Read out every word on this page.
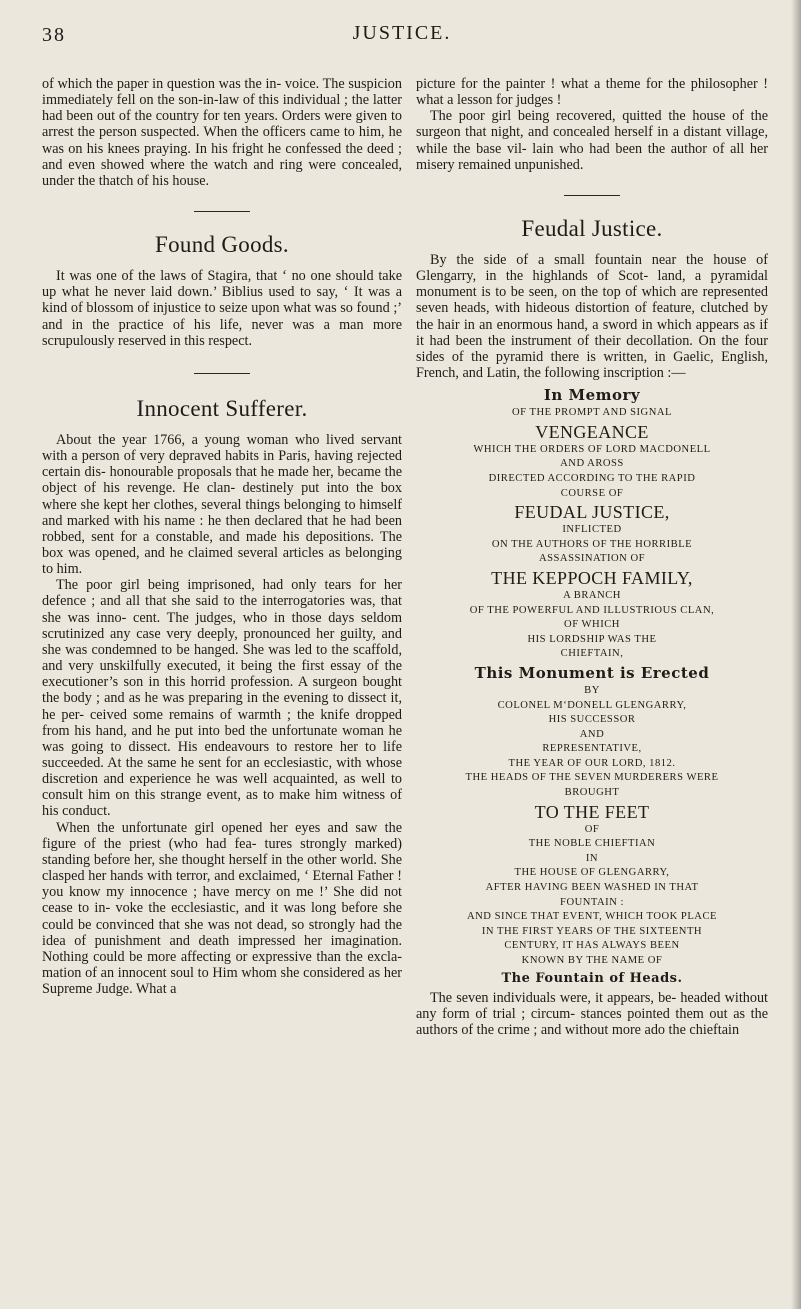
38	JUSTICE.

of which the paper in question was the in- voice. The suspicion immediately fell on the son-in-law of this individual ; the latter had been out of the country for ten years. Orders were given to arrest the person suspected. When the officers came to him, he was on his knees praying. In his fright he confessed the deed ; and even showed where the watch and ring were concealed, under the thatch of his house.

Found Goods.

It was one of the laws of Stagira, that ‘ no one should take up what he never laid down.’ Biblius used to say, ‘ It was a kind of blossom of injustice to seize upon what was so found ;’ and in the practice of his life, never was a man more scrupulously reserved in this respect.

Innocent Sufferer.

About the year 1766, a young woman who lived servant with a person of very depraved habits in Paris, having rejected certain dis- honourable proposals that he made her, became the object of his revenge. He clan- destinely put into the box where she kept her clothes, several things belonging to himself and marked with his name : he then declared that he had been robbed, sent for a constable, and made his depositions. The box was opened, and he claimed several articles as belonging to him.

The poor girl being imprisoned, had only tears for her defence ; and all that she said to the interrogatories was, that she was inno- cent. The judges, who in those days seldom scrutinized any case very deeply, pronounced her guilty, and she was condemned to be hanged. She was led to the scaffold, and very unskilfully executed, it being the first essay of the executioner’s son in this horrid profession. A surgeon bought the body ; and as he was preparing in the evening to dissect it, he per- ceived some remains of warmth ; the knife dropped from his hand, and he put into bed the unfortunate woman he was going to dissect. His endeavours to restore her to life succeeded. At the same he sent for an ecclesiastic, with whose discretion and experience he was well acquainted, as well to consult him on this strange event, as to make him witness of his conduct.

When the unfortunate girl opened her eyes and saw the figure of the priest (who had fea- tures strongly marked) standing before her, she thought herself in the other world. She clasped her hands with terror, and exclaimed, ‘ Eternal Father ! you know my innocence ; have mercy on me !’ She did not cease to in- voke the ecclesiastic, and it was long before she could be convinced that she was not dead, so strongly had the idea of punishment and death impressed her imagination. Nothing could be more affecting or expressive than the excla- mation of an innocent soul to Him whom she considered as her Supreme Judge. What a

picture for the painter ! what a theme for the philosopher ! what a lesson for judges !

The poor girl being recovered, quitted the house of the surgeon that night, and concealed herself in a distant village, while the base vil- lain who had been the author of all her misery remained unpunished.

Feudal Justice.

By the side of a small fountain near the house of Glengarry, in the highlands of Scot- land, a pyramidal monument is to be seen, on the top of which are represented seven heads, with hideous distortion of feature, clutched by the hair in an enormous hand, a sword in which appears as if it had been the instrument of their decollation. On the four sides of the pyramid there is written, in Gaelic, English, French, and Latin, the following inscription :—

In Memory
OF THE PROMPT AND SIGNAL
VENGEANCE
WHICH THE ORDERS OF LORD MACDONELL
AND AROSS
DIRECTED ACCORDING TO THE RAPID
COURSE OF
FEUDAL JUSTICE,
INFLICTED
ON THE AUTHORS OF THE HORRIBLE
ASSASSINATION OF
THE KEPPOCH FAMILY,
A BRANCH
OF THE POWERFUL AND ILLUSTRIOUS CLAN,
OF WHICH
HIS LORDSHIP WAS THE
CHIEFTAIN,
This Monument is Erected
BY
COLONEL M‘DONELL GLENGARRY,
HIS SUCCESSOR
AND
REPRESENTATIVE,
THE YEAR OF OUR LORD, 1812.
THE HEADS OF THE SEVEN MURDERERS WERE
BROUGHT
TO THE FEET
OF
THE NOBLE CHIEFTIAN
IN
THE HOUSE OF GLENGARRY,
AFTER HAVING BEEN WASHED IN THAT
FOUNTAIN :
AND SINCE THAT EVENT, WHICH TOOK PLACE
IN THE FIRST YEARS OF THE SIXTEENTH
CENTURY, IT HAS ALWAYS BEEN
KNOWN BY THE NAME OF
The Fountain of Heads.

The seven individuals were, it appears, be- headed without any form of trial ; circum- stances pointed them out as the authors of the crime ; and without more ado the chieftain
